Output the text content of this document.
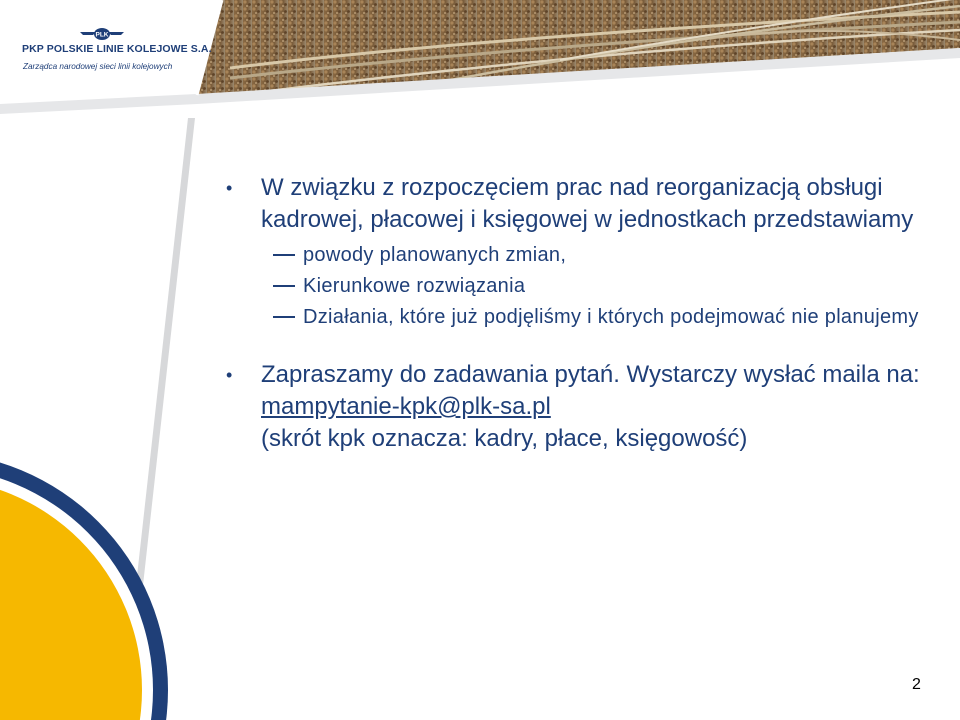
PLK
PKP POLSKIE LINIE KOLEJOWE S.A.
Zarządca narodowej sieci linii kolejowych
• W związku z rozpoczęciem prac nad reorganizacją obsługi kadrowej, płacowej i księgowej w jednostkach przedstawiamy
powody planowanych zmian,
Kierunkowe rozwiązania
Działania, które już podjęliśmy i których podejmować nie planujemy
• Zapraszamy do zadawania pytań. Wystarczy wysłać maila na:
mampytanie-kpk@plk-sa.pl
(skrót kpk oznacza: kadry, płace, księgowość)
2
